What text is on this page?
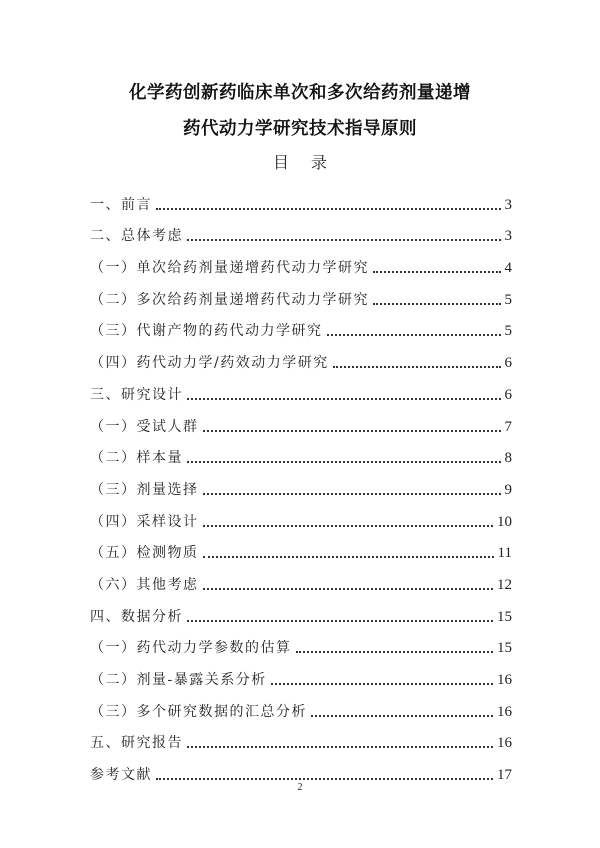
化学药创新药临床单次和多次给药剂量递增
药代动力学研究技术指导原则
目录
一、前言	3
二、总体考虑	3
（一）单次给药剂量递增药代动力学研究	4
（二）多次给药剂量递增药代动力学研究	5
（三）代谢产物的药代动力学研究	5
（四）药代动力学/药效动力学研究	6
三、研究设计	6
（一）受试人群	7
（二）样本量	8
（三）剂量选择	9
（四）采样设计	10
（五）检测物质	11
（六）其他考虑	12
四、数据分析	15
（一）药代动力学参数的估算	15
（二）剂量-暴露关系分析	16
（三）多个研究数据的汇总分析	16
五、研究报告	16
参考文献	17
2
